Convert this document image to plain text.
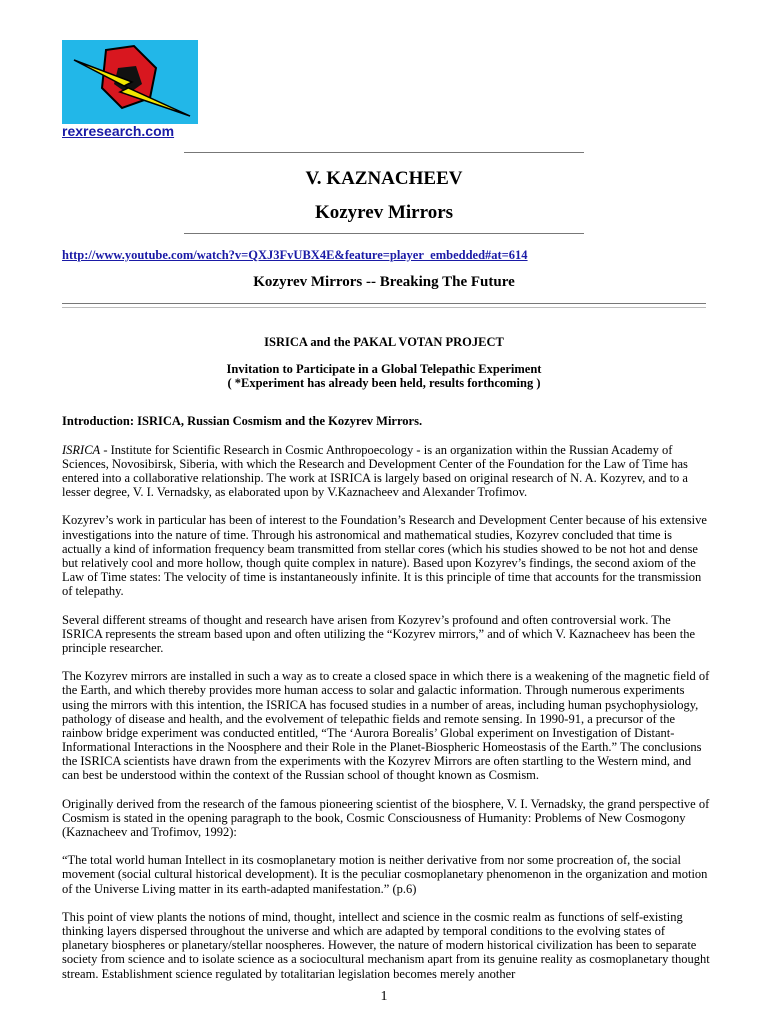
rexresearch.com
V. KAZNACHEEV
Kozyrev Mirrors
http://www.youtube.com/watch?v=QXJ3FvUBX4E&feature=player_embedded#at=614
Kozyrev Mirrors -- Breaking The Future
ISRICA and the PAKAL VOTAN PROJECT
Invitation to Participate in a Global Telepathic Experiment
( *Experiment has already been held, results forthcoming )

Introduction: ISRICA, Russian Cosmism and the Kozyrev Mirrors.

ISRICA - Institute for Scientific Research in Cosmic Anthropoecology - is an organization within the Russian Academy of Sciences, Novosibirsk, Siberia, with which the Research and Development Center of the Foundation for the Law of Time has entered into a collaborative relationship. The work at ISRICA is largely based on original research of N. A. Kozyrev, and to a lesser degree, V. I. Vernadsky, as elaborated upon by V.Kaznacheev and Alexander Trofimov.

Kozyrev’s work in particular has been of interest to the Foundation’s Research and Development Center because of his extensive investigations into the nature of time. Through his astronomical and mathematical studies, Kozyrev concluded that time is actually a kind of information frequency beam transmitted from stellar cores (which his studies showed to be not hot and dense but relatively cool and more hollow, though quite complex in nature). Based upon Kozyrev’s findings, the second axiom of the Law of Time states: The velocity of time is instantaneously infinite. It is this principle of time that accounts for the transmission of telepathy.

Several different streams of thought and research have arisen from Kozyrev’s profound and often controversial work. The ISRICA represents the stream based upon and often utilizing the “Kozyrev mirrors,” and of which V. Kaznacheev has been the principle researcher.

The Kozyrev mirrors are installed in such a way as to create a closed space in which there is a weakening of the magnetic field of the Earth, and which thereby provides more human access to solar and galactic information. Through numerous experiments using the mirrors with this intention, the ISRICA has focused studies in a number of areas, including human psychophysiology, pathology of disease and health, and the evolvement of telepathic fields and remote sensing. In 1990-91, a precursor of the rainbow bridge experiment was conducted entitled, “The ‘Aurora Borealis’ Global experiment on Investigation of Distant-Informational Interactions in the Noosphere and their Role in the Planet-Biospheric Homeostasis of the Earth.” The conclusions the ISRICA scientists have drawn from the experiments with the Kozyrev Mirrors are often startling to the Western mind, and can best be understood within the context of the Russian school of thought known as Cosmism.

Originally derived from the research of the famous pioneering scientist of the biosphere, V. I. Vernadsky, the grand perspective of Cosmism is stated in the opening paragraph to the book, Cosmic Consciousness of Humanity: Problems of New Cosmogony (Kaznacheev and Trofimov, 1992):

“The total world human Intellect in its cosmoplanetary motion is neither derivative from nor some procreation of, the social movement (social cultural historical development). It is the peculiar cosmoplanetary phenomenon in the organization and motion of the Universe Living matter in its earth-adapted manifestation.” (p.6)

This point of view plants the notions of mind, thought, intellect and science in the cosmic realm as functions of self-existing thinking layers dispersed throughout the universe and which are adapted by temporal conditions to the evolving states of planetary biospheres or planetary/stellar noospheres. However, the nature of modern historical civilization has been to separate society from science and to isolate science as a sociocultural mechanism apart from its genuine reality as cosmoplanetary thought stream. Establishment science regulated by totalitarian legislation becomes merely another

1
